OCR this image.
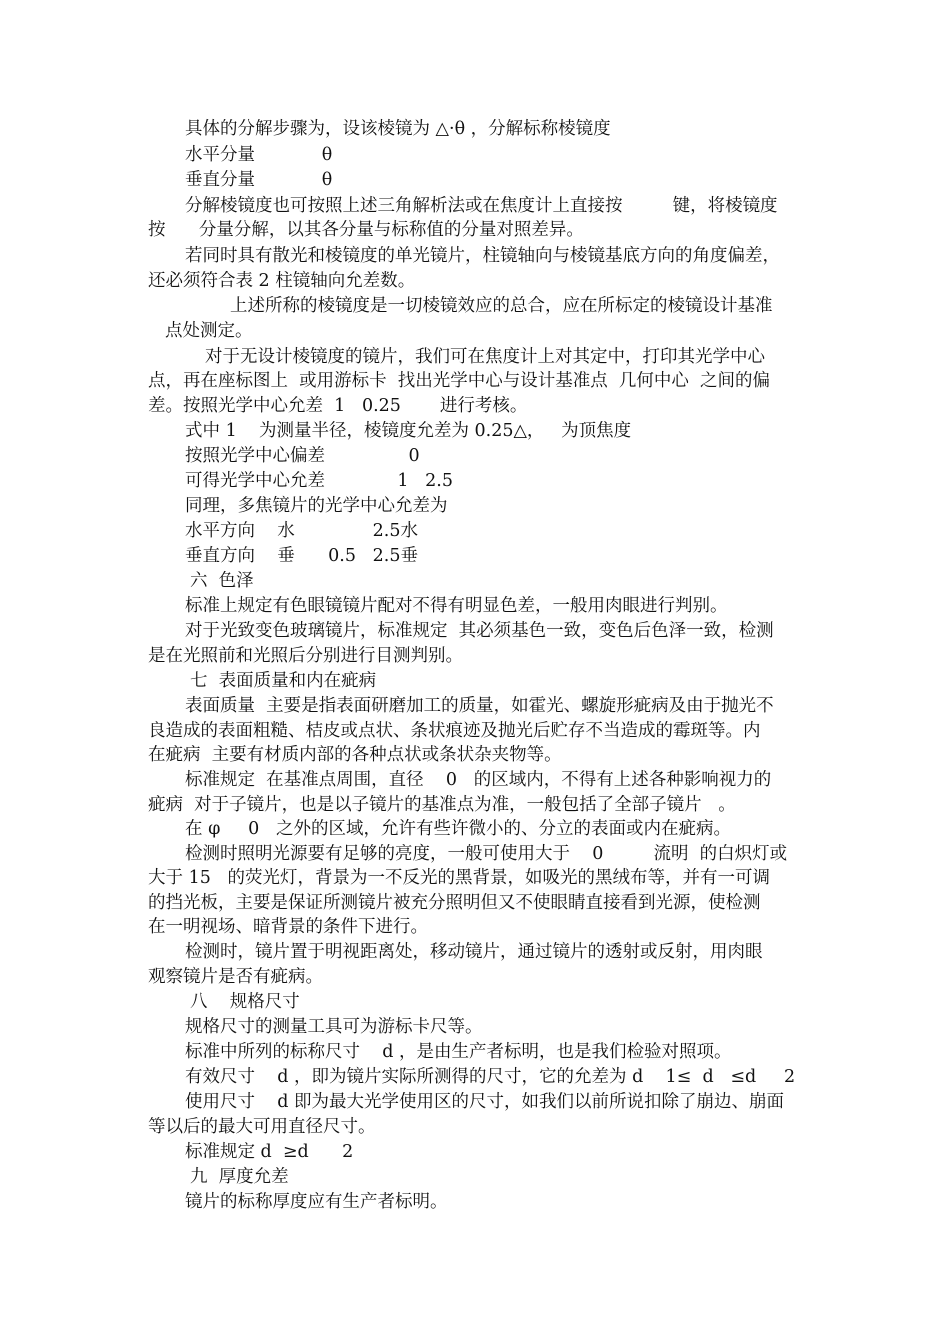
具体的分解步骤为，设该棱镜为 △·θ ，分解标称棱镜度
水平分量            θ
垂直分量            θ
分解棱镜度也可按照上述三角解析法或在焦度计上直接按         键，将棱镜度
按      分量分解，以其各分量与标称值的分量对照差异。
若同时具有散光和棱镜度的单光镜片，柱镜轴向与棱镜基底方向的角度偏差，
还必须符合表 2 柱镜轴向允差数。
上述所称的棱镜度是一切棱镜效应的总合，应在所标定的棱镜设计基准
点处测定。
对于无设计棱镜度的镜片，我们可在焦度计上对其定中，打印其光学中心
点，再在座标图上  或用游标卡  找出光学中心与设计基准点  几何中心  之间的偏
差。按照光学中心允差  1   0.25       进行考核。
式中 1    为测量半径，棱镜度允差为 0.25△，   为顶焦度
按照光学中心偏差               0
可得光学中心允差             1   2.5
同理，多焦镜片的光学中心允差为
水平方向    水              2.5水
垂直方向    垂      0.5   2.5垂
六  色泽
标准上规定有色眼镜镜片配对不得有明显色差，一般用肉眼进行判别。
对于光致变色玻璃镜片，标准规定  其必须基色一致，变色后色泽一致，检测
是在光照前和光照后分别进行目测判别。
七  表面质量和内在疵病
表面质量  主要是指表面研磨加工的质量，如霍光、螺旋形疵病及由于抛光不
良造成的表面粗糙、桔皮或点状、条状痕迹及抛光后贮存不当造成的霉斑等。内
在疵病  主要有材质内部的各种点状或条状杂夹物等。
标准规定  在基准点周围，直径    0   的区域内，不得有上述各种影响视力的
疵病  对于子镜片，也是以子镜片的基准点为准，一般包括了全部子镜片   。
在 φ     0   之外的区域，允许有些许微小的、分立的表面或内在疵病。
检测时照明光源要有足够的亮度，一般可使用大于    0         流明  的白炽灯或
大于 15   的荧光灯，背景为一不反光的黑背景，如吸光的黑绒布等，并有一可调
的挡光板，主要是保证所测镜片被充分照明但又不使眼睛直接看到光源，使检测
在一明视场、暗背景的条件下进行。
检测时，镜片置于明视距离处，移动镜片，通过镜片的透射或反射，用肉眼
观察镜片是否有疵病。
八    规格尺寸
规格尺寸的测量工具可为游标卡尺等。
标准中所列的标称尺寸    d ，是由生产者标明，也是我们检验对照项。
有效尺寸    d ，即为镜片实际所测得的尺寸，它的允差为 d    1≤  d   ≤d     2
使用尺寸    d 即为最大光学使用区的尺寸，如我们以前所说扣除了崩边、崩面
等以后的最大可用直径尺寸。
标准规定 d  ≥d      2
九  厚度允差
镜片的标称厚度应有生产者标明。
